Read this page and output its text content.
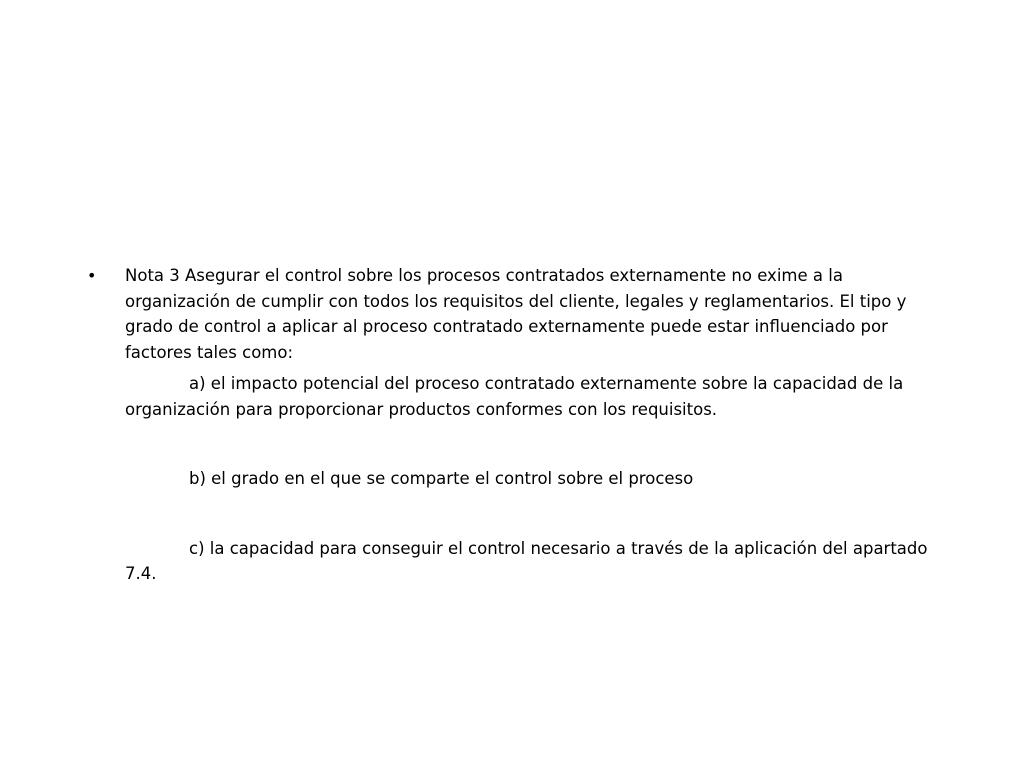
• Nota 3 Asegurar el control sobre los procesos contratados externamente no exime a la organización de cumplir con todos los requisitos del cliente, legales y reglamentarios. El tipo y grado de control a aplicar al proceso contratado externamente puede estar influenciado por factores tales como:

a) el impacto potencial del proceso contratado externamente sobre la capacidad de la organización para proporcionar productos conformes con los requisitos.

b) el grado en el que se comparte el control sobre el proceso

c) la capacidad para conseguir el control necesario a través de la aplicación del apartado 7.4.
